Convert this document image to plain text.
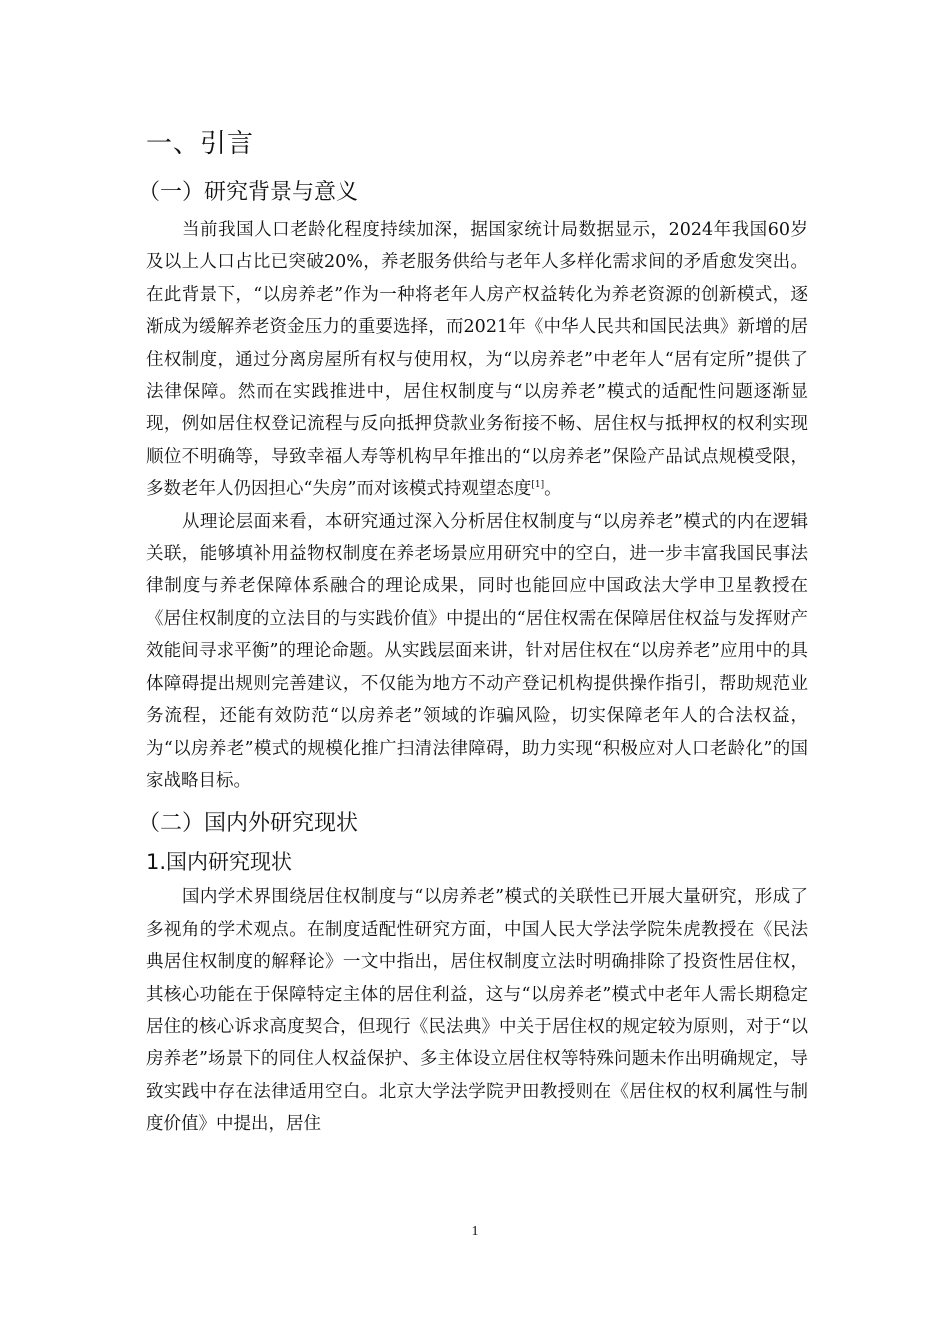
一、引言
（一）研究背景与意义

当前我国人口老龄化程度持续加深，据国家统计局数据显示，2024年我国60岁及以上人口占比已突破20%，养老服务供给与老年人多样化需求间的矛盾愈发突出。在此背景下，“以房养老”作为一种将老年人房产权益转化为养老资源的创新模式，逐渐成为缓解养老资金压力的重要选择，而2021年《中华人民共和国民法典》新增的居住权制度，通过分离房屋所有权与使用权，为“以房养老”中老年人“居有定所”提供了法律保障。然而在实践推进中，居住权制度与“以房养老”模式的适配性问题逐渐显现，例如居住权登记流程与反向抵押贷款业务衔接不畅、居住权与抵押权的权利实现顺位不明确等，导致幸福人寿等机构早年推出的“以房养老”保险产品试点规模受限，多数老年人仍因担心“失房”而对该模式持观望态度[1]。

从理论层面来看，本研究通过深入分析居住权制度与“以房养老”模式的内在逻辑关联，能够填补用益物权制度在养老场景应用研究中的空白，进一步丰富我国民事法律制度与养老保障体系融合的理论成果，同时也能回应中国政法大学申卫星教授在《居住权制度的立法目的与实践价值》中提出的“居住权需在保障居住权益与发挥财产效能间寻求平衡”的理论命题。从实践层面来讲，针对居住权在“以房养老”应用中的具体障碍提出规则完善建议，不仅能为地方不动产登记机构提供操作指引，帮助规范业务流程，还能有效防范“以房养老”领域的诈骗风险，切实保障老年人的合法权益，为“以房养老”模式的规模化推广扫清法律障碍，助力实现“积极应对人口老龄化”的国家战略目标。

（二）国内外研究现状
1.国内研究现状

国内学术界围绕居住权制度与“以房养老”模式的关联性已开展大量研究，形成了多视角的学术观点。在制度适配性研究方面，中国人民大学法学院朱虎教授在《民法典居住权制度的解释论》一文中指出，居住权制度立法时明确排除了投资性居住权，其核心功能在于保障特定主体的居住利益，这与“以房养老”模式中老年人需长期稳定居住的核心诉求高度契合，但现行《民法典》中关于居住权的规定较为原则，对于“以房养老”场景下的同住人权益保护、多主体设立居住权等特殊问题未作出明确规定，导致实践中存在法律适用空白。北京大学法学院尹田教授则在《居住权的权利属性与制度价值》中提出，居住

1
